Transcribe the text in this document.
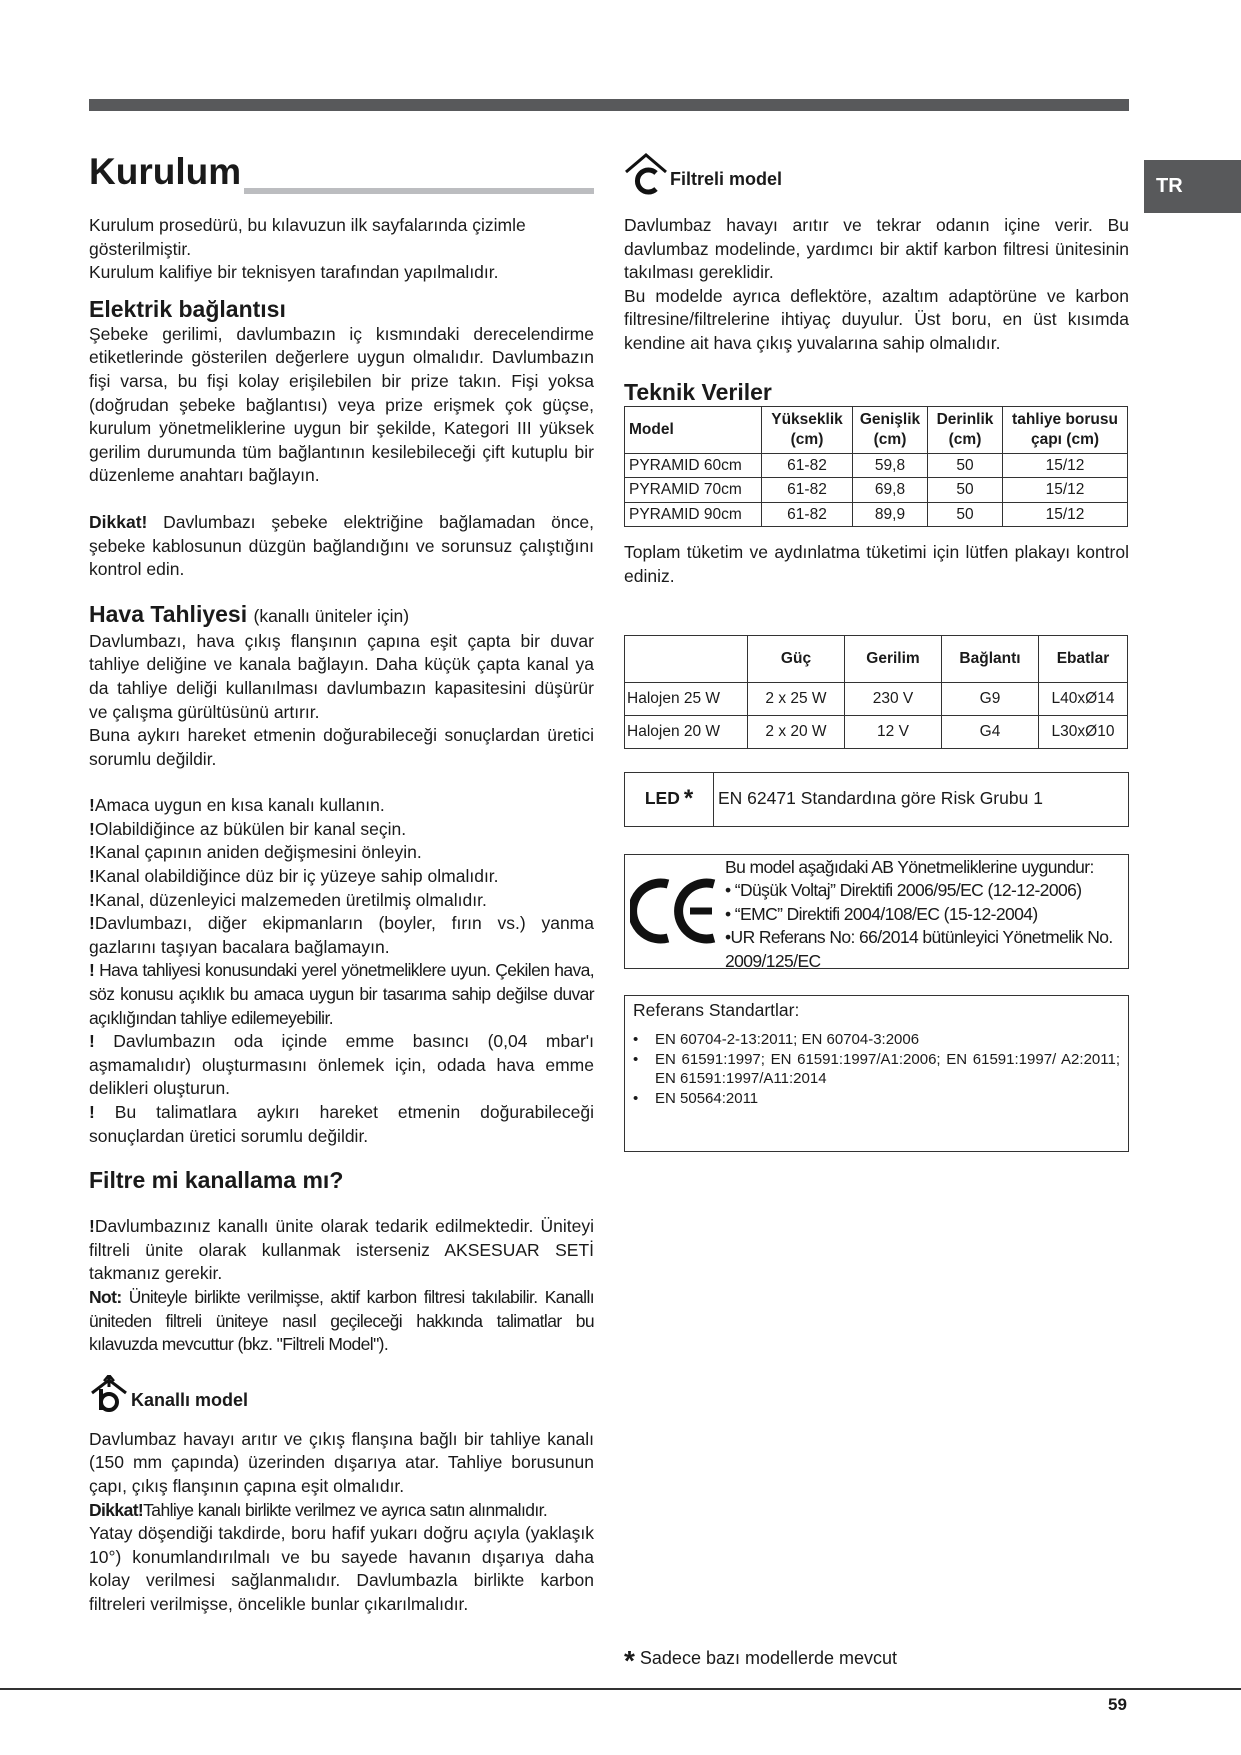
TR
Kurulum

Kurulum prosedürü, bu kılavuzun ilk sayfalarında çizimle gösterilmiştir.

Kurulum kalifiye bir teknisyen tarafından yapılmalıdır.

Elektrik bağlantısı

Şebeke gerilimi, davlumbazın iç kısmındaki derecelendirme etiketlerinde gösterilen değerlere uygun olmalıdır. Davlumbazın fişi varsa, bu fişi kolay erişilebilen bir prize takın. Fişi yoksa (doğrudan şebeke bağlantısı) veya prize erişmek çok güçse, kurulum yönetmeliklerine uygun bir şekilde, Kategori III yüksek gerilim durumunda tüm bağlantının kesilebileceği çift kutuplu bir düzenleme anahtarı bağlayın.

Dikkat! Davlumbazı şebeke elektriğine bağlamadan önce, şebeke kablosunun düzgün bağlandığını ve sorunsuz çalıştığını kontrol edin.

Hava Tahliyesi (kanallı üniteler için)

Davlumbazı, hava çıkış flanşının çapına eşit çapta bir duvar tahliye deliğine ve kanala bağlayın. Daha küçük çapta kanal ya da tahliye deliği kullanılması davlumbazın kapasitesini düşürür ve çalışma gürültüsünü artırır.

Buna aykırı hareket etmenin doğurabileceği sonuçlardan üretici sorumlu değildir.

!Amaca uygun en kısa kanalı kullanın.

!Olabildiğince az bükülen bir kanal seçin.

!Kanal çapının aniden değişmesini önleyin.

!Kanal olabildiğince düz bir iç yüzeye sahip olmalıdır.

!Kanal, düzenleyici malzemeden üretilmiş olmalıdır.

!Davlumbazı, diğer ekipmanların (boyler, fırın vs.) yanma gazlarını taşıyan bacalara bağlamayın.

! Hava tahliyesi konusundaki yerel yönetmeliklere uyun. Çekilen hava, söz konusu açıklık bu amaca uygun bir tasarıma sahip değilse duvar açıklığından tahliye edilemeyebilir.

! Davlumbazın oda içinde emme basıncı (0,04 mbar'ı aşmamalıdır) oluşturmasını önlemek için, odada hava emme delikleri oluşturun.

! Bu talimatlara aykırı hareket etmenin doğurabileceği sonuçlardan üretici sorumlu değildir.

Filtre mi kanallama mı?

!Davlumbazınız kanallı ünite olarak tedarik edilmektedir. Üniteyi filtreli ünite olarak kullanmak isterseniz AKSESUAR SETİ takmanız gerekir.

Not: Üniteyle birlikte verilmişse, aktif karbon filtresi takılabilir. Kanallı üniteden filtreli üniteye nasıl geçileceği hakkında talimatlar bu kılavuzda mevcuttur (bkz. "Filtreli Model").

Kanallı model

Davlumbaz havayı arıtır ve çıkış flanşına bağlı bir tahliye kanalı (150 mm çapında) üzerinden dışarıya atar. Tahliye borusunun çapı, çıkış flanşının çapına eşit olmalıdır.

Dikkat!Tahliye kanalı birlikte verilmez ve ayrıca satın alınmalıdır.

Yatay döşendiği takdirde, boru hafif yukarı doğru açıyla (yaklaşık 10°) konumlandırılmalı ve bu sayede havanın dışarıya daha kolay verilmesi sağlanmalıdır. Davlumbazla birlikte karbon filtreleri verilmişse, öncelikle bunlar çıkarılmalıdır.

Filtreli model

Davlumbaz havayı arıtır ve tekrar odanın içine verir. Bu davlumbaz modelinde, yardımcı bir aktif karbon filtresi ünitesinin takılması gereklidir.

Bu modelde ayrıca deflektöre, azaltım adaptörüne ve karbon filtresine/filtrelerine ihtiyaç duyulur. Üst boru, en üst kısımda kendine ait hava çıkış yuvalarına sahip olmalıdır.

Teknik Veriler
Model	Yükseklik (cm)	Genişlik (cm)	Derinlik (cm)	tahliye borusu çapı (cm)
PYRAMID 60cm	61-82	59,8	50	15/12
PYRAMID 70cm	61-82	69,8	50	15/12
PYRAMID 90cm	61-82	89,9	50	15/12

Toplam tüketim ve aydınlatma tüketimi için lütfen plakayı kontrol ediniz.

	Güç	Gerilim	Bağlantı	Ebatlar
Halojen 25 W	2 x 25 W	230 V	G9	L40xØ14
Halojen 20 W	2 x 20 W	12 V	G4	L30xØ10
LED * EN 62471 Standardına göre Risk Grubu 1
Bu model aşağıdaki AB Yönetmeliklerine uygundur:
• “Düşük Voltaj” Direktifi 2006/95/EC (12-12-2006)
• “EMC” Direktifi 2004/108/EC (15-12-2004)
•UR Referans No: 66/2014 bütünleyici Yönetmelik No. 2009/125/EC
Referans Standartlar:
• EN 60704-2-13:2011; EN 60704-3:2006
• EN 61591:1997; EN 61591:1997/A1:2006; EN 61591:1997/ A2:2011; EN 61591:1997/A11:2014
• EN 50564:2011
* Sadece bazı modellerde mevcut
59
